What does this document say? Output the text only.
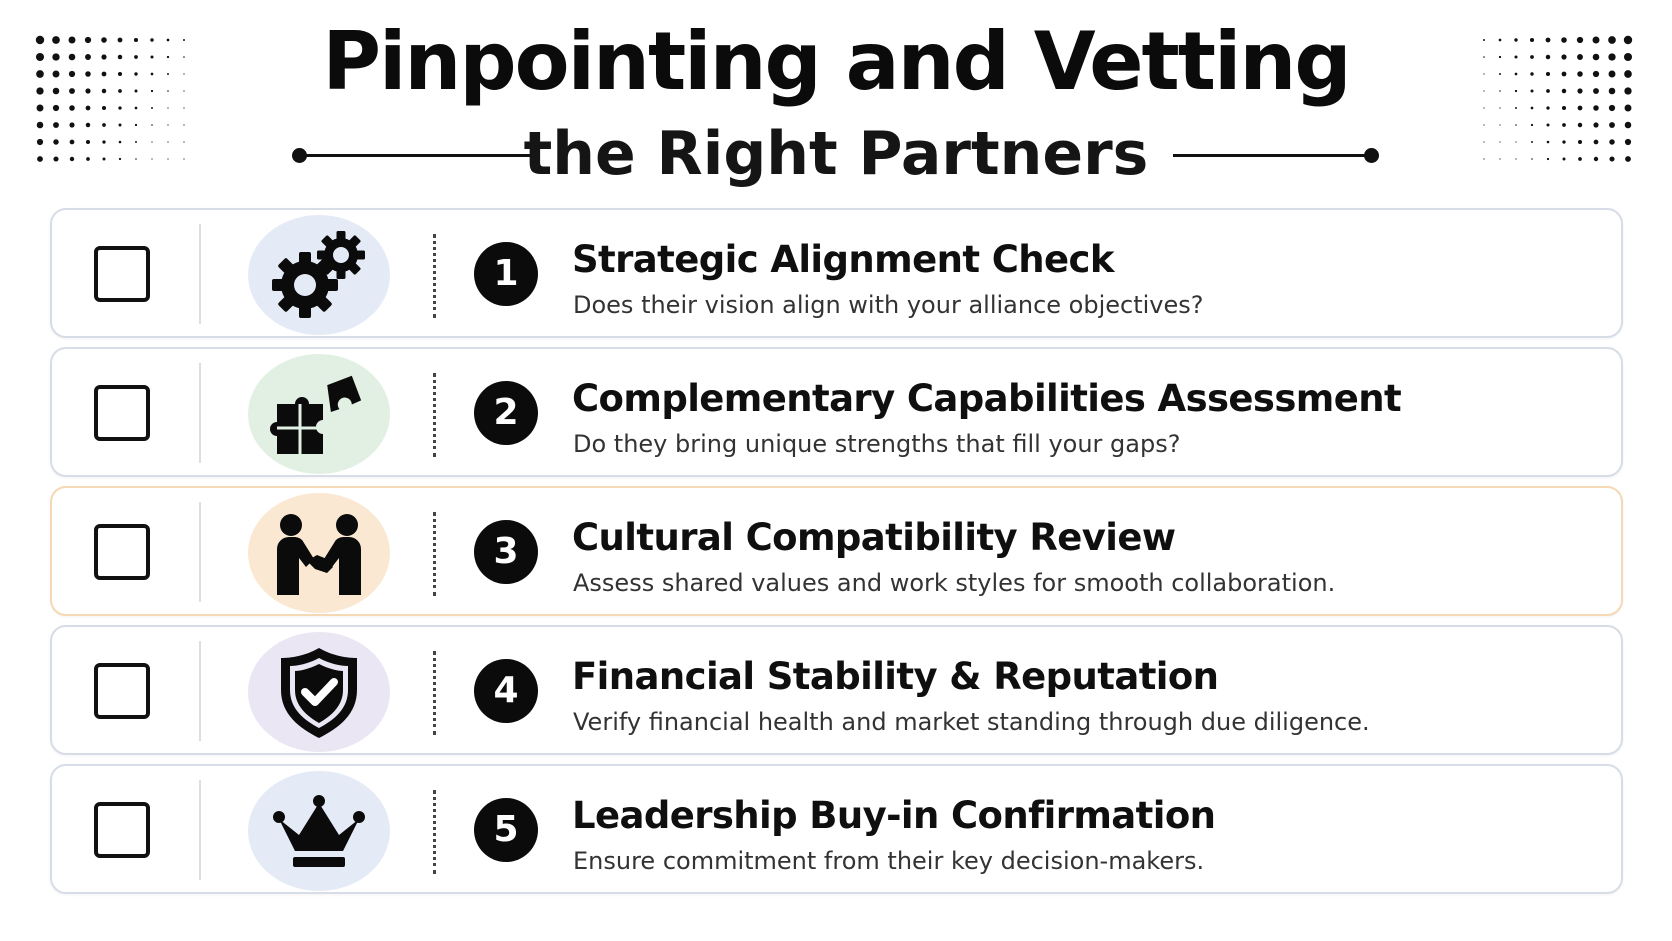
Pinpointing and Vetting
the Right Partners
1	Strategic Alignment Check
Does their vision align with your alliance objectives?
2	Complementary Capabilities Assessment
Do they bring unique strengths that fill your gaps?
3	Cultural Compatibility Review
Assess shared values and work styles for smooth collaboration.
4	Financial Stability & Reputation
Verify financial health and market standing through due diligence.
5	Leadership Buy-in Confirmation
Ensure commitment from their key decision-makers.
